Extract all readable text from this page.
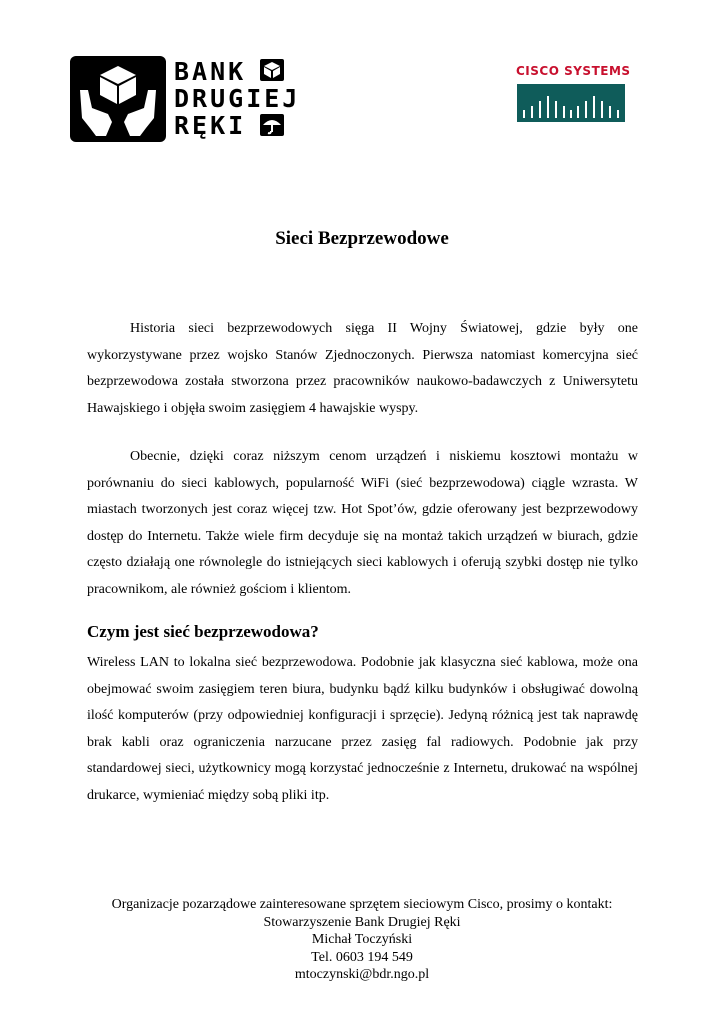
BANK
DRUGIEJ
RĘKI
CISCO SYSTEMS
Sieci Bezprzewodowe

Historia sieci bezprzewodowych sięga II Wojny Światowej, gdzie były one wykorzystywane przez wojsko Stanów Zjednoczonych. Pierwsza natomiast komercyjna sieć bezprzewodowa została stworzona przez pracowników naukowo-badawczych z Uniwersytetu Hawajskiego i objęła swoim zasięgiem 4 hawajskie wyspy.

Obecnie, dzięki coraz niższym cenom urządzeń i niskiemu kosztowi montażu w porównaniu do sieci kablowych, popularność WiFi (sieć bezprzewodowa) ciągle wzrasta. W miastach tworzonych jest coraz więcej tzw. Hot Spot’ów, gdzie oferowany jest bezprzewodowy dostęp do Internetu. Także wiele firm decyduje się na montaż takich urządzeń w biurach, gdzie często działają one równolegle do istniejących sieci kablowych i oferują szybki dostęp nie tylko pracownikom, ale również gościom i klientom.

Czym jest sieć bezprzewodowa?

Wireless LAN to lokalna sieć bezprzewodowa. Podobnie jak klasyczna sieć kablowa, może ona obejmować swoim zasięgiem teren biura, budynku bądź kilku budynków i obsługiwać dowolną ilość komputerów (przy odpowiedniej konfiguracji i sprzęcie). Jedyną różnicą jest tak naprawdę brak kabli oraz ograniczenia narzucane przez zasięg fal radiowych. Podobnie jak przy standardowej sieci, użytkownicy mogą korzystać jednocześnie z Internetu, drukować na wspólnej drukarce, wymieniać między sobą pliki itp.

Organizacje pozarządowe zainteresowane sprzętem sieciowym Cisco, prosimy o kontakt:
Stowarzyszenie Bank Drugiej Ręki
Michał Toczyński
Tel. 0603 194 549
mtoczynski@bdr.ngo.pl
